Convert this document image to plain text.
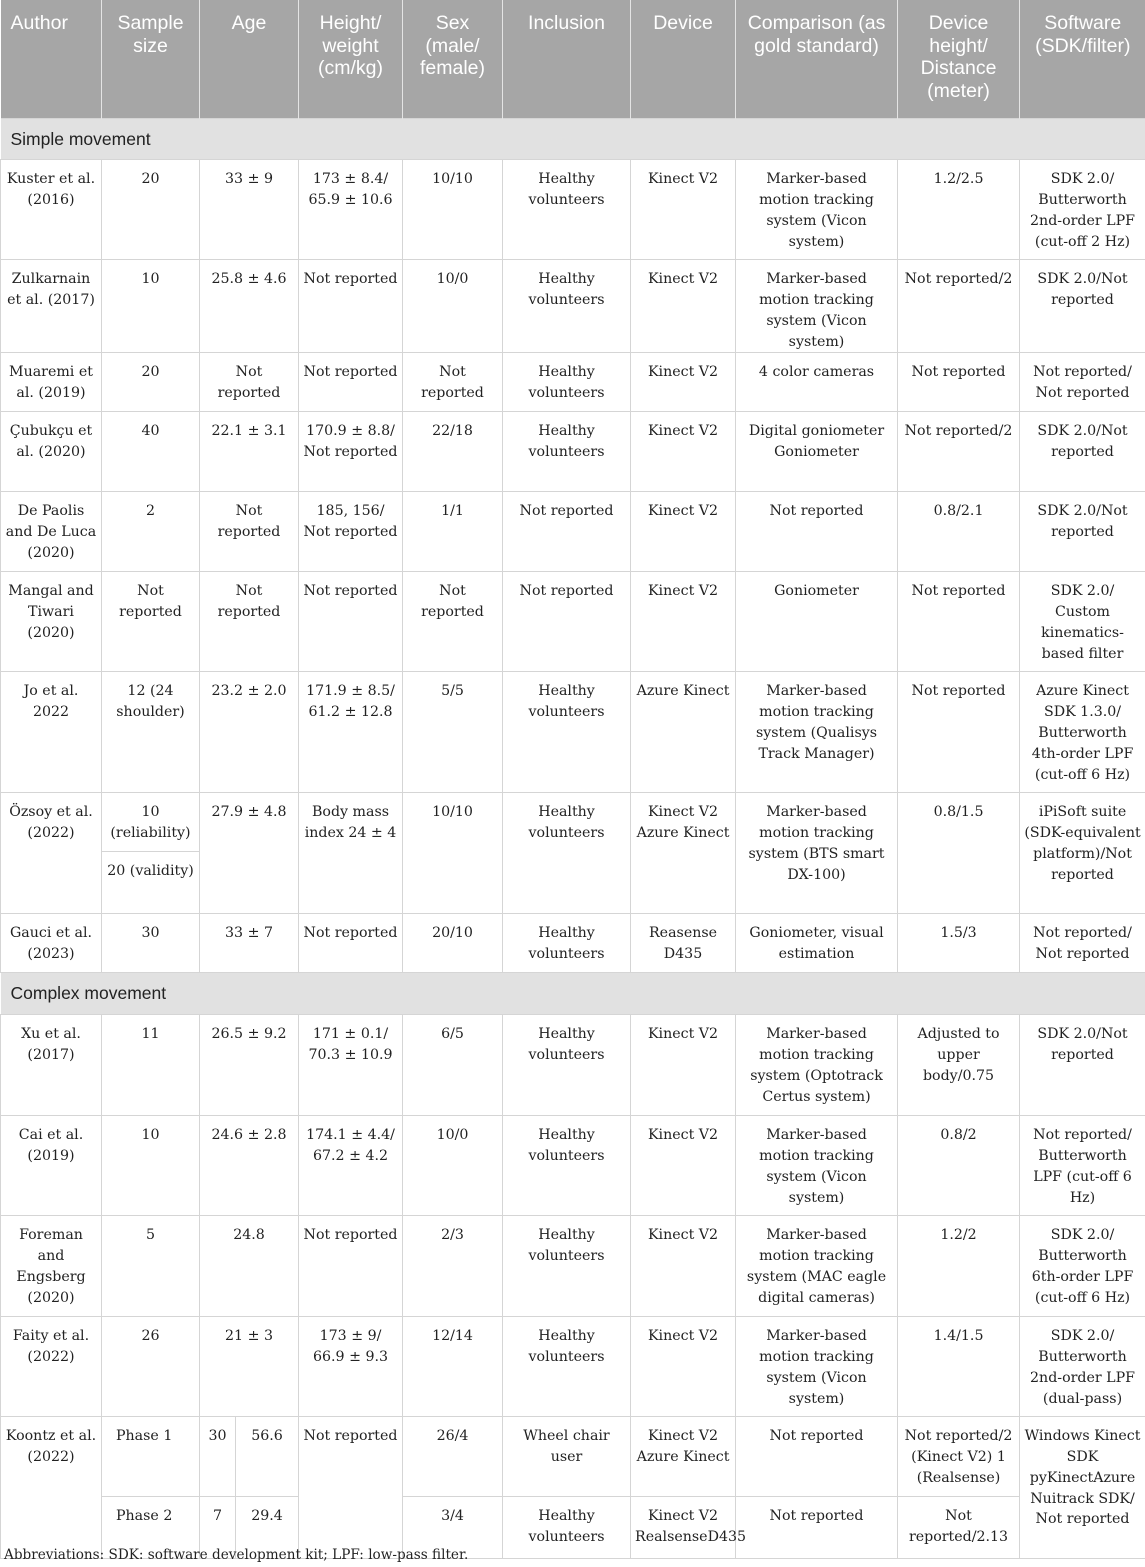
Author	Sample size	Age		Height/ weight (cm/kg)	Sex (male/ female)	Inclusion	Device	Comparison (as gold standard)	Device height/ Distance (meter)	Software (SDK/filter)
Simple movement										
Kuster et al. (2016)	20	33 ± 9		173 ± 8.4/ 65.9 ± 10.6	10/10	Healthy volunteers	Kinect V2	Marker-based motion tracking system (Vicon system)	1.2/2.5	SDK 2.0/ Butterworth 2nd-order LPF (cut-off 2 Hz)
Zulkarnain et al. (2017)	10	25.8 ± 4.6		Not reported	10/0	Healthy volunteers	Kinect V2	Marker-based motion tracking system (Vicon system)	Not reported/2	SDK 2.0/Not reported
Muaremi et al. (2019)	20	Not reported		Not reported	Not reported	Healthy volunteers	Kinect V2	4 color cameras	Not reported	Not reported/ Not reported
Çubukçu et al. (2020)	40	22.1 ± 3.1		170.9 ± 8.8/ Not reported	22/18	Healthy volunteers	Kinect V2	Digital goniometer Goniometer	Not reported/2	SDK 2.0/Not reported
De Paolis and De Luca (2020)	2	Not reported		185, 156/ Not reported	1/1	Not reported	Kinect V2	Not reported	0.8/2.1	SDK 2.0/Not reported
Mangal and Tiwari (2020)	Not reported	Not reported		Not reported	Not reported	Not reported	Kinect V2	Goniometer	Not reported	SDK 2.0/ Custom kinematics-based filter
Jo et al. 2022	12 (24 shoulder)	23.2 ± 2.0		171.9 ± 8.5/ 61.2 ± 12.8	5/5	Healthy volunteers	Azure Kinect	Marker-based motion tracking system (Qualisys Track Manager)	Not reported	Azure Kinect SDK 1.3.0/ Butterworth 4th-order LPF (cut-off 6 Hz)
Özsoy et al. (2022)	10 (reliability)	27.9 ± 4.8		Body mass index 24 ± 4	10/10	Healthy volunteers	Kinect V2 Azure Kinect	Marker-based motion tracking system (BTS smart DX-100)	0.8/1.5	iPiSoft suite (SDK-equivalent platform)/Not reported
	20 (validity)									
Gauci et al. (2023)	30	33 ± 7		Not reported	20/10	Healthy volunteers	Reasense D435	Goniometer, visual estimation	1.5/3	Not reported/ Not reported
Complex movement										
Xu et al. (2017)	11	26.5 ± 9.2		171 ± 0.1/ 70.3 ± 10.9	6/5	Healthy volunteers	Kinect V2	Marker-based motion tracking system (Optotrack Certus system)	Adjusted to upper body/0.75	SDK 2.0/Not reported
Cai et al. (2019)	10	24.6 ± 2.8		174.1 ± 4.4/ 67.2 ± 4.2	10/0	Healthy volunteers	Kinect V2	Marker-based motion tracking system (Vicon system)	0.8/2	Not reported/ Butterworth LPF (cut-off 6 Hz)
Foreman and Engsberg (2020)	5	24.8		Not reported	2/3	Healthy volunteers	Kinect V2	Marker-based motion tracking system (MAC eagle digital cameras)	1.2/2	SDK 2.0/ Butterworth 6th-order LPF (cut-off 6 Hz)
Faity et al. (2022)	26	21 ± 3		173 ± 9/ 66.9 ± 9.3	12/14	Healthy volunteers	Kinect V2	Marker-based motion tracking system (Vicon system)	1.4/1.5	SDK 2.0/ Butterworth 2nd-order LPF (dual-pass)
Koontz et al. (2022)	Phase 1	30	56.6	Not reported	26/4	Wheel chair user	Kinect V2 Azure Kinect	Not reported	Not reported/2 (Kinect V2) 1 (Realsense)	Windows Kinect SDK pyKinectAzure Nuitrack SDK/ Not reported
	Phase 2	7	29.4		3/4	Healthy volunteers	Kinect V2 RealsenseD435	Not reported	Not reported/2.13	
Abbreviations: SDK: software development kit; LPF: low-pass filter.
